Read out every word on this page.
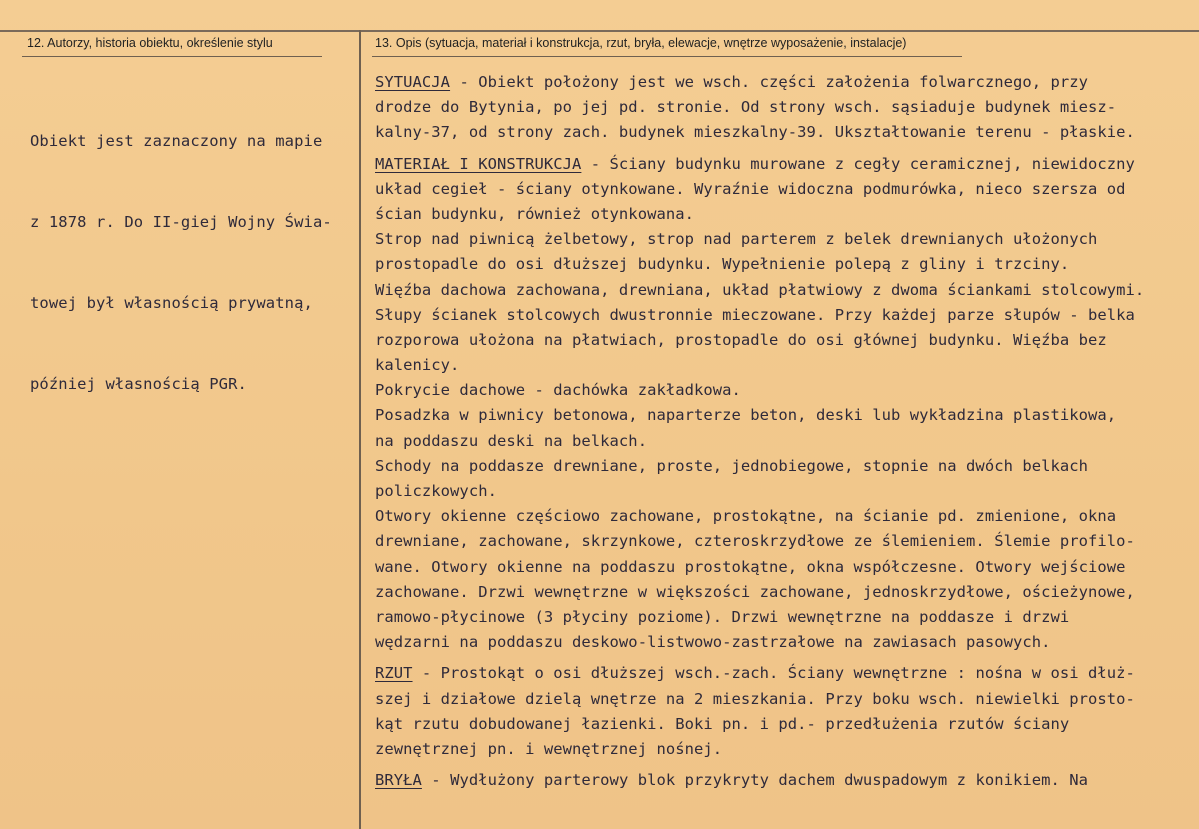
12. Autorzy, historia obiektu, określenie stylu	13. Opis (sytuacja, materiał i konstrukcja, rzut, bryła, elewacje, wnętrze wyposażenie, instalacje)

Obiekt jest zaznaczony na mapie

z 1878 r. Do II-giej Wojny Świa-

towej był własnością prywatną,

później własnością PGR.

SYTUACJA - Obiekt położony jest we wsch. części założenia folwarcznego, przy
drodze do Bytynia, po jej pd. stronie. Od strony wsch. sąsiaduje budynek miesz-
kalny-37, od strony zach. budynek mieszkalny-39. Ukształtowanie terenu - płaskie.
MATERIAŁ I KONSTRUKCJA - Ściany budynku murowane z cegły ceramicznej, niewidoczny
układ cegieł - ściany otynkowane. Wyraźnie widoczna podmurówka, nieco szersza od
ścian budynku, również otynkowana.
Strop nad piwnicą żelbetowy, strop nad parterem z belek drewnianych ułożonych
prostopadle do osi dłuższej budynku. Wypełnienie polepą z gliny i trzciny.
Więźba dachowa zachowana, drewniana, układ płatwiowy z dwoma ściankami stolcowymi.
Słupy ścianek stolcowych dwustronnie mieczowane. Przy każdej parze słupów - belka
rozporowa ułożona na płatwiach, prostopadle do osi głównej budynku. Więźba bez
kalenicy.
Pokrycie dachowe - dachówka zakładkowa.
Posadzka w piwnicy betonowa, naparterze beton, deski lub wykładzina plastikowa,
na poddaszu deski na belkach.
Schody na poddasze drewniane, proste, jednobiegowe, stopnie na dwóch belkach
policzkowych.
Otwory okienne częściowo zachowane, prostokątne, na ścianie pd. zmienione, okna
drewniane, zachowane, skrzynkowe, czteroskrzydłowe ze ślemieniem. Ślemie profilo-
wane. Otwory okienne na poddaszu prostokątne, okna współczesne. Otwory wejściowe
zachowane. Drzwi wewnętrzne w większości zachowane, jednoskrzydłowe, ościeżynowe,
ramowo-płycinowe (3 płyciny poziome). Drzwi wewnętrzne na poddasze i drzwi
wędzarni na poddaszu deskowo-listwowo-zastrzałowe na zawiasach pasowych.
RZUT - Prostokąt o osi dłuższej wsch.-zach. Ściany wewnętrzne : nośna w osi dłuż-
szej i działowe dzielą wnętrze na 2 mieszkania. Przy boku wsch. niewielki prosto-
kąt rzutu dobudowanej łazienki. Boki pn. i pd.- przedłużenia rzutów ściany
zewnętrznej pn. i wewnętrznej nośnej.
BRYŁA - Wydłużony parterowy blok przykryty dachem dwuspadowym z konikiem. Na
